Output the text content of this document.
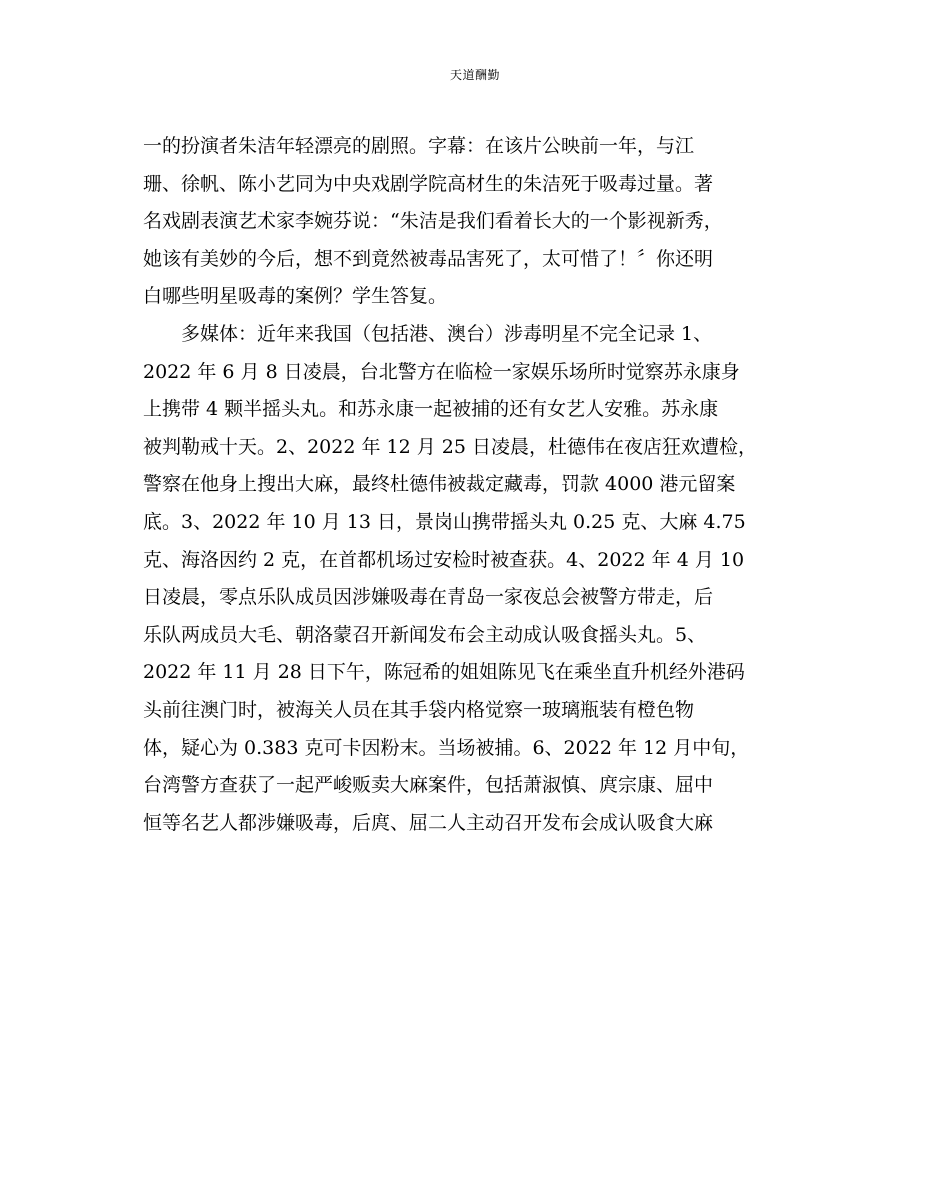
天道酬勤
一的扮演者朱洁年轻漂亮的剧照。字幕：在该片公映前一年，与江
珊、徐帆、陈小艺同为中央戏剧学院高材生的朱洁死于吸毒过量。著
名戏剧表演艺术家李婉芬说：“朱洁是我们看着长大的一个影视新秀，
她该有美妙的今后，想不到竟然被毒品害死了，太可惜了！〞你还明
白哪些明星吸毒的案例？学生答复。
　　多媒体：近年来我国（包括港、澳台）涉毒明星不完全记录 1、
2022 年 6 月 8 日凌晨，台北警方在临检一家娱乐场所时觉察苏永康身
上携带 4 颗半摇头丸。和苏永康一起被捕的还有女艺人安雅。苏永康
被判勒戒十天。2、2022 年 12 月 25 日凌晨，杜德伟在夜店狂欢遭检，
警察在他身上搜出大麻，最终杜德伟被裁定藏毒，罚款 4000 港元留案
底。3、2022 年 10 月 13 日，景岗山携带摇头丸 0.25 克、大麻 4.75
克、海洛因约 2 克，在首都机场过安检时被查获。4、2022 年 4 月 10
日凌晨，零点乐队成员因涉嫌吸毒在青岛一家夜总会被警方带走，后
乐队两成员大毛、朝洛蒙召开新闻发布会主动成认吸食摇头丸。5、
2022 年 11 月 28 日下午，陈冠希的姐姐陈见飞在乘坐直升机经外港码
头前往澳门时，被海关人员在其手袋内格觉察一玻璃瓶装有橙色物
体，疑心为 0.383 克可卡因粉末。当场被捕。6、2022 年 12 月中旬，
台湾警方查获了一起严峻贩卖大麻案件，包括萧淑慎、庹宗康、屈中
恒等名艺人都涉嫌吸毒，后庹、屈二人主动召开发布会成认吸食大麻
